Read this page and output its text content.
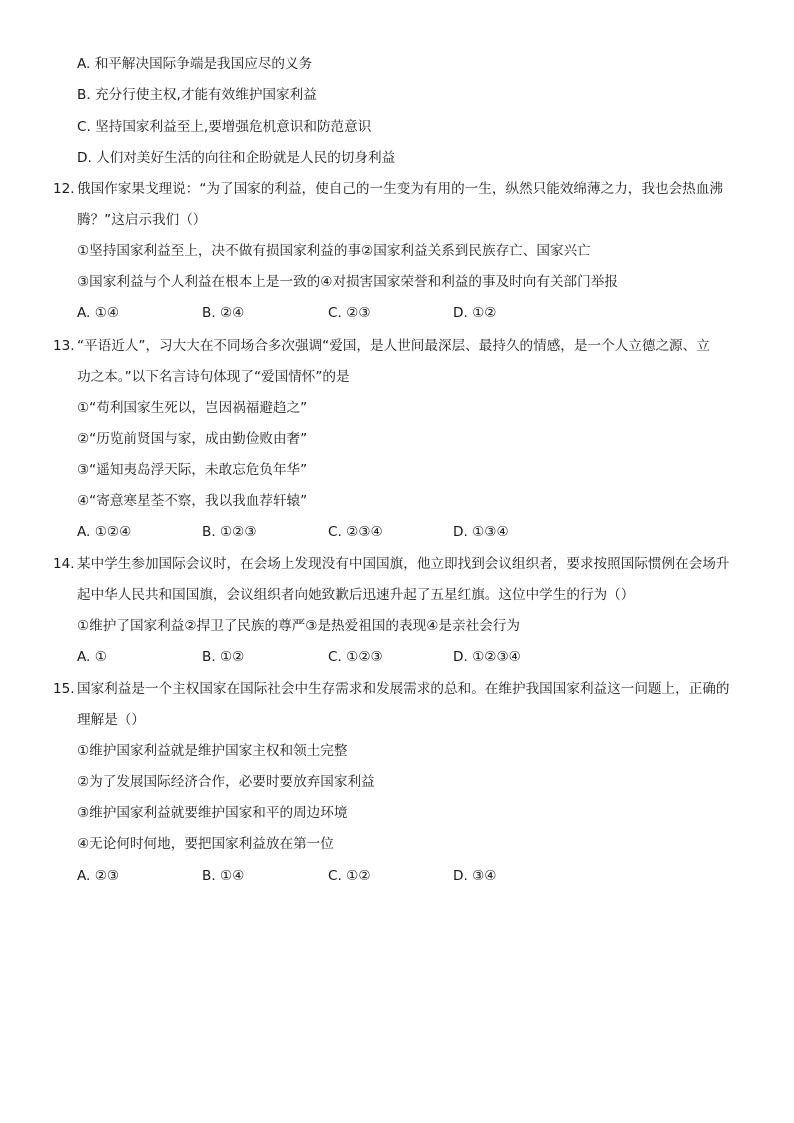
A. 和平解决国际争端是我国应尽的义务
B. 充分行使主权,才能有效维护国家利益
C. 坚持国家利益至上,要增强危机意识和防范意识
D. 人们对美好生活的向往和企盼就是人民的切身利益
12. 俄国作家果戈理说：“为了国家的利益，使自己的一生变为有用的一生，纵然只能效绵薄之力，我也会热血沸
腾？”这启示我们（）
①坚持国家利益至上，决不做有损国家利益的事②国家利益关系到民族存亡、国家兴亡
③国家利益与个人利益在根本上是一致的④对损害国家荣誉和利益的事及时向有关部门举报
A. ①④	B. ②④	C. ②③	D. ①②
13. “平语近人”，习大大在不同场合多次强调“爱国，是人世间最深层、最持久的情感，是一个人立德之源、立
功之本。”以下名言诗句体现了“爱国情怀”的是
①“苟利国家生死以，岂因祸福避趋之”
②“历览前贤国与家，成由勤俭败由奢”
③“遥知夷岛浮天际，未敢忘危负年华”
④“寄意寒星荃不察，我以我血荐轩辕”
A. ①②④	B. ①②③	C. ②③④	D. ①③④
14. 某中学生参加国际会议时，在会场上发现没有中国国旗，他立即找到会议组织者，要求按照国际惯例在会场升
起中华人民共和国国旗，会议组织者向她致歉后迅速升起了五星红旗。这位中学生的行为（）
①维护了国家利益②捍卫了民族的尊严③是热爱祖国的表现④是亲社会行为
A. ①	B. ①②	C. ①②③	D. ①②③④
15. 国家利益是一个主权国家在国际社会中生存需求和发展需求的总和。在维护我国国家利益这一问题上，正确的
理解是（）
①维护国家利益就是维护国家主权和领土完整
②为了发展国际经济合作，必要时要放弃国家利益
③维护国家利益就要维护国家和平的周边环境
④无论何时何地，要把国家利益放在第一位
A. ②③	B. ①④	C. ①②	D. ③④
